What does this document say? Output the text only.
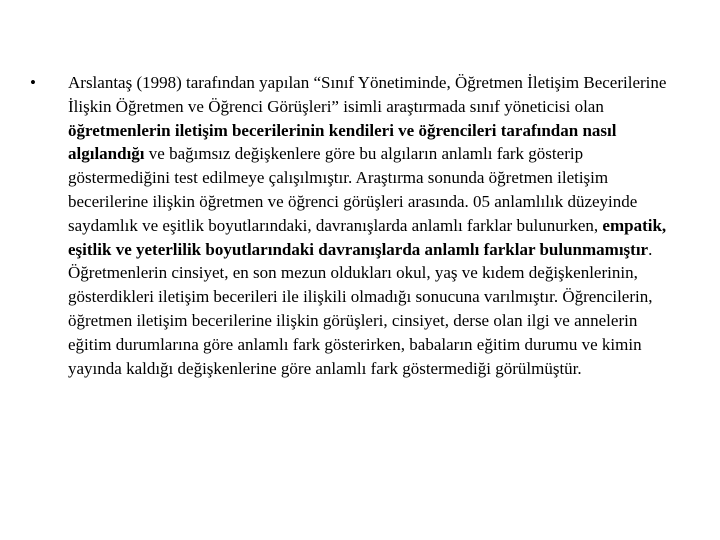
• Arslantaş (1998) tarafından yapılan “Sınıf Yönetiminde, Öğretmen İletişim Becerilerine İlişkin Öğretmen ve Öğrenci Görüşleri” isimli araştırmada sınıf yöneticisi olan öğretmenlerin iletişim becerilerinin kendileri ve öğrencileri tarafından nasıl algılandığı ve bağımsız değişkenlere göre bu algıların anlamlı fark gösterip göstermediğini test edilmeye çalışılmıştır. Araştırma sonunda öğretmen iletişim becerilerine ilişkin öğretmen ve öğrenci görüşleri arasında. 05 anlamlılık düzeyinde saydamlık ve eşitlik boyutlarındaki, davranışlarda anlamlı farklar bulunurken, empatik, eşitlik ve yeterlilik boyutlarındaki davranışlarda anlamlı farklar bulunmamıştır. Öğretmenlerin cinsiyet, en son mezun oldukları okul, yaş ve kıdem değişkenlerinin, gösterdikleri iletişim becerileri ile ilişkili olmadığı sonucuna varılmıştır. Öğrencilerin, öğretmen iletişim becerilerine ilişkin görüşleri, cinsiyet, derse olan ilgi ve annelerin eğitim durumlarına göre anlamlı fark gösterirken, babaların eğitim durumu ve kimin yayında kaldığı değişkenlerine göre anlamlı fark göstermediği görülmüştür.
